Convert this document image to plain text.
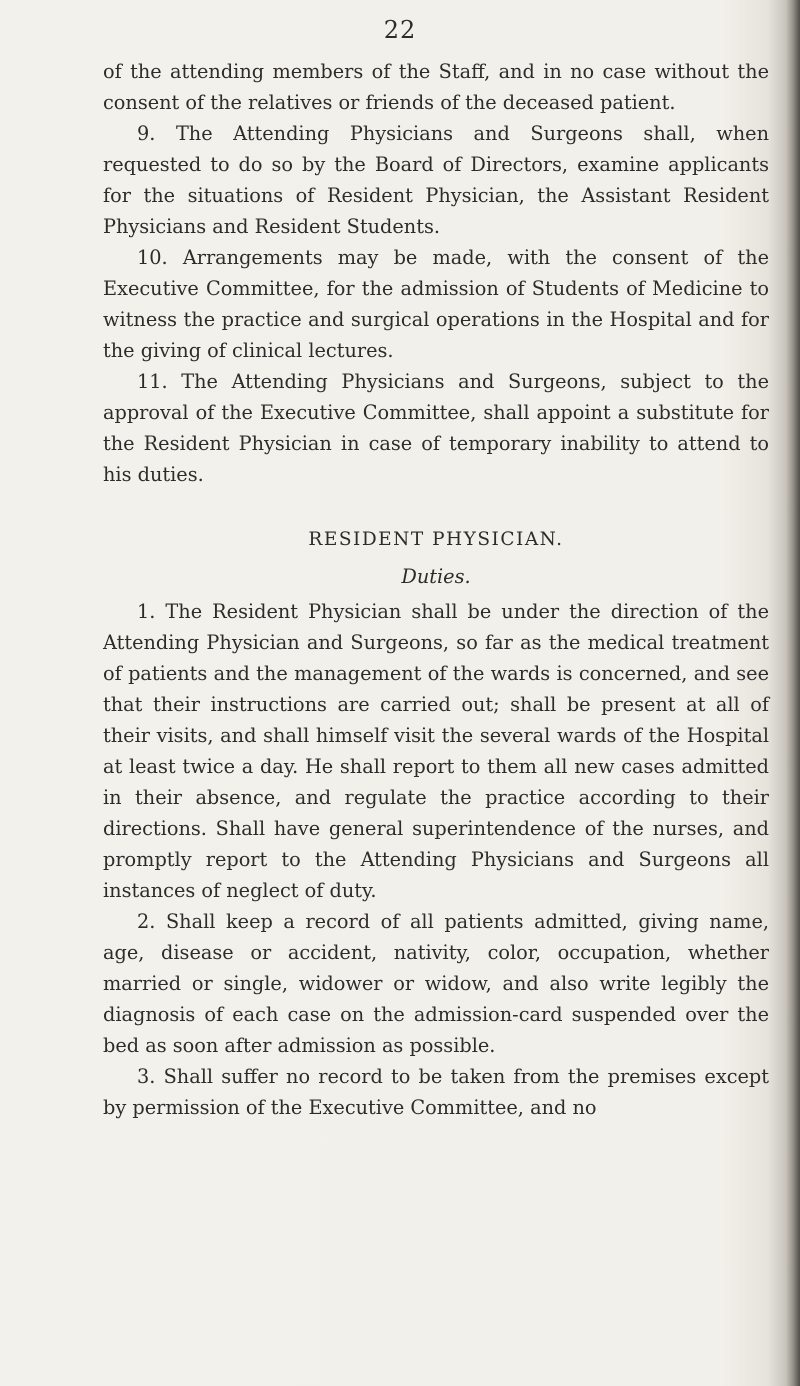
22

of the attending members of the Staff, and in no case without the consent of the relatives or friends of the deceased patient.

9. The Attending Physicians and Surgeons shall, when requested to do so by the Board of Directors, examine applicants for the situations of Resident Physician, the Assistant Resident Physicians and Resident Students.

10. Arrangements may be made, with the consent of the Executive Committee, for the admission of Students of Medicine to witness the practice and surgical operations in the Hospital and for the giving of clinical lectures.

11. The Attending Physicians and Surgeons, subject to the approval of the Executive Committee, shall appoint a substitute for the Resident Physician in case of temporary inability to attend to his duties.

RESIDENT PHYSICIAN.

Duties.

1. The Resident Physician shall be under the direction of the Attending Physician and Surgeons, so far as the medical treatment of patients and the management of the wards is concerned, and see that their instructions are carried out; shall be present at all of their visits, and shall himself visit the several wards of the Hospital at least twice a day. He shall report to them all new cases admitted in their absence, and regulate the practice according to their directions. Shall have general superintendence of the nurses, and promptly report to the Attending Physicians and Surgeons all instances of neglect of duty.

2. Shall keep a record of all patients admitted, giving name, age, disease or accident, nativity, color, occupation, whether married or single, widower or widow, and also write legibly the diagnosis of each case on the admission-card suspended over the bed as soon after admission as possible.

3. Shall suffer no record to be taken from the premises except by permission of the Executive Committee, and no
